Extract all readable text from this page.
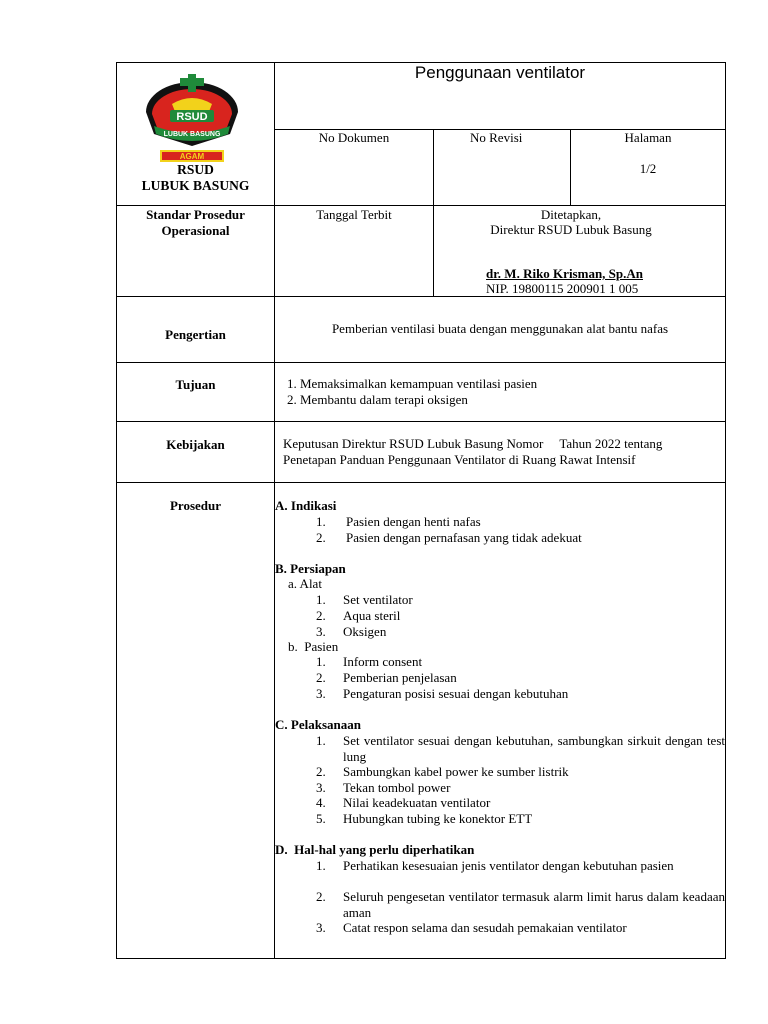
RSUD
LUBUK BASUNG
AGAM
RSUD
LUBUK BASUNG
Penggunaan ventilator
No Dokumen	No Revisi	Halaman
1/2
Standar Prosedur Operasional
Tanggal Terbit	Ditetapkan,
Direktur RSUD Lubuk Basung
dr. M. Riko Krisman, Sp.An
NIP. 19800115 200901 1 005
Pengertian	Pemberian ventilasi buata dengan menggunakan alat bantu nafas
Tujuan	1. Memaksimalkan kemampuan ventilasi pasien
2. Membantu dalam terapi oksigen
Kebijakan	Keputusan Direktur RSUD Lubuk Basung Nomor     Tahun 2022 tentang
Penetapan Panduan Penggunaan Ventilator di Ruang Rawat Intensif
Prosedur	A. Indikasi
1. Pasien dengan henti nafas
2. Pasien dengan pernafasan yang tidak adekuat
B. Persiapan
a. Alat
1. Set ventilator
2. Aqua steril
3. Oksigen
b.  Pasien
1. Inform consent
2. Pemberian penjelasan
3. Pengaturan posisi sesuai dengan kebutuhan
C. Pelaksanaan
1. Set ventilator sesuai dengan kebutuhan, sambungkan sirkuit dengan test lung
2. Sambungkan kabel power ke sumber listrik
3. Tekan tombol power
4. Nilai keadekuatan ventilator
5. Hubungkan tubing ke konektor ETT
D.  Hal-hal yang perlu diperhatikan
1. Perhatikan kesesuaian jenis ventilator dengan kebutuhan pasien
2. Seluruh pengesetan ventilator termasuk alarm limit harus dalam keadaan aman
3. Catat respon selama dan sesudah pemakaian ventilator
